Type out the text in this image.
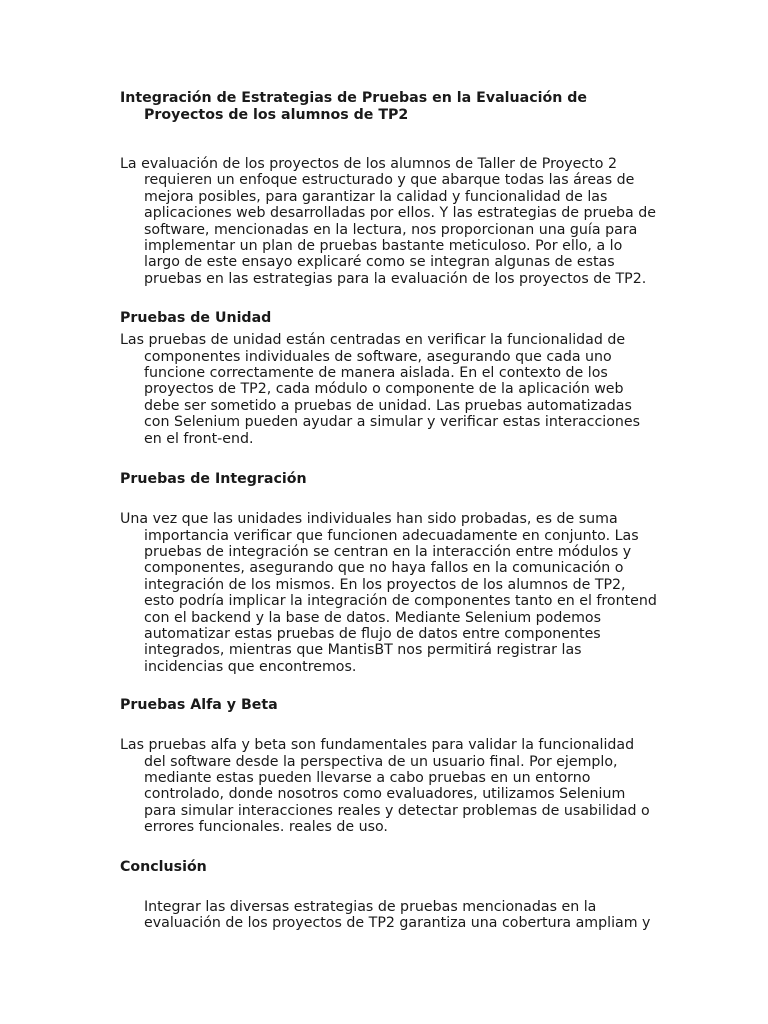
Integración de Estrategias de Pruebas en la Evaluación de Proyectos de los alumnos de TP2

La evaluación de los proyectos de los alumnos de Taller de Proyecto 2 requieren un enfoque estructurado y que abarque todas las áreas de mejora posibles, para garantizar la calidad y funcionalidad de las aplicaciones web desarrolladas por ellos. Y las estrategias de prueba de software, mencionadas en la lectura, nos proporcionan una guía para implementar un plan de pruebas bastante meticuloso. Por ello, a lo largo de este ensayo explicaré como se integran algunas de estas pruebas en las estrategias para la evaluación de los proyectos de TP2.

Pruebas de Unidad

Las pruebas de unidad están centradas en verificar la funcionalidad de componentes individuales de software, asegurando que cada uno funcione correctamente de manera aislada. En el contexto de los proyectos de TP2, cada módulo o componente de la aplicación web debe ser sometido a pruebas de unidad. Las pruebas automatizadas con Selenium pueden ayudar a simular y verificar estas interacciones en el front-end.

Pruebas de Integración

Una vez que las unidades individuales han sido probadas, es de suma importancia verificar que funcionen adecuadamente en conjunto. Las pruebas de integración se centran en la interacción entre módulos y componentes, asegurando que no haya fallos en la comunicación o integración de los mismos. En los proyectos de los alumnos de TP2, esto podría implicar la integración de componentes tanto en el frontend con el backend y la base de datos. Mediante Selenium podemos automatizar estas pruebas de flujo de datos entre componentes integrados, mientras que MantisBT nos permitirá registrar las incidencias que encontremos.

Pruebas Alfa y Beta

Las pruebas alfa y beta son fundamentales para validar la funcionalidad del software desde la perspectiva de un usuario final. Por ejemplo, mediante estas pueden llevarse a cabo pruebas en un entorno controlado, donde nosotros como evaluadores, utilizamos Selenium para simular interacciones reales y detectar problemas de usabilidad o errores funcionales. reales de uso.

Conclusión

Integrar las diversas estrategias de pruebas mencionadas en la evaluación de los proyectos de TP2 garantiza una cobertura ampliam y
